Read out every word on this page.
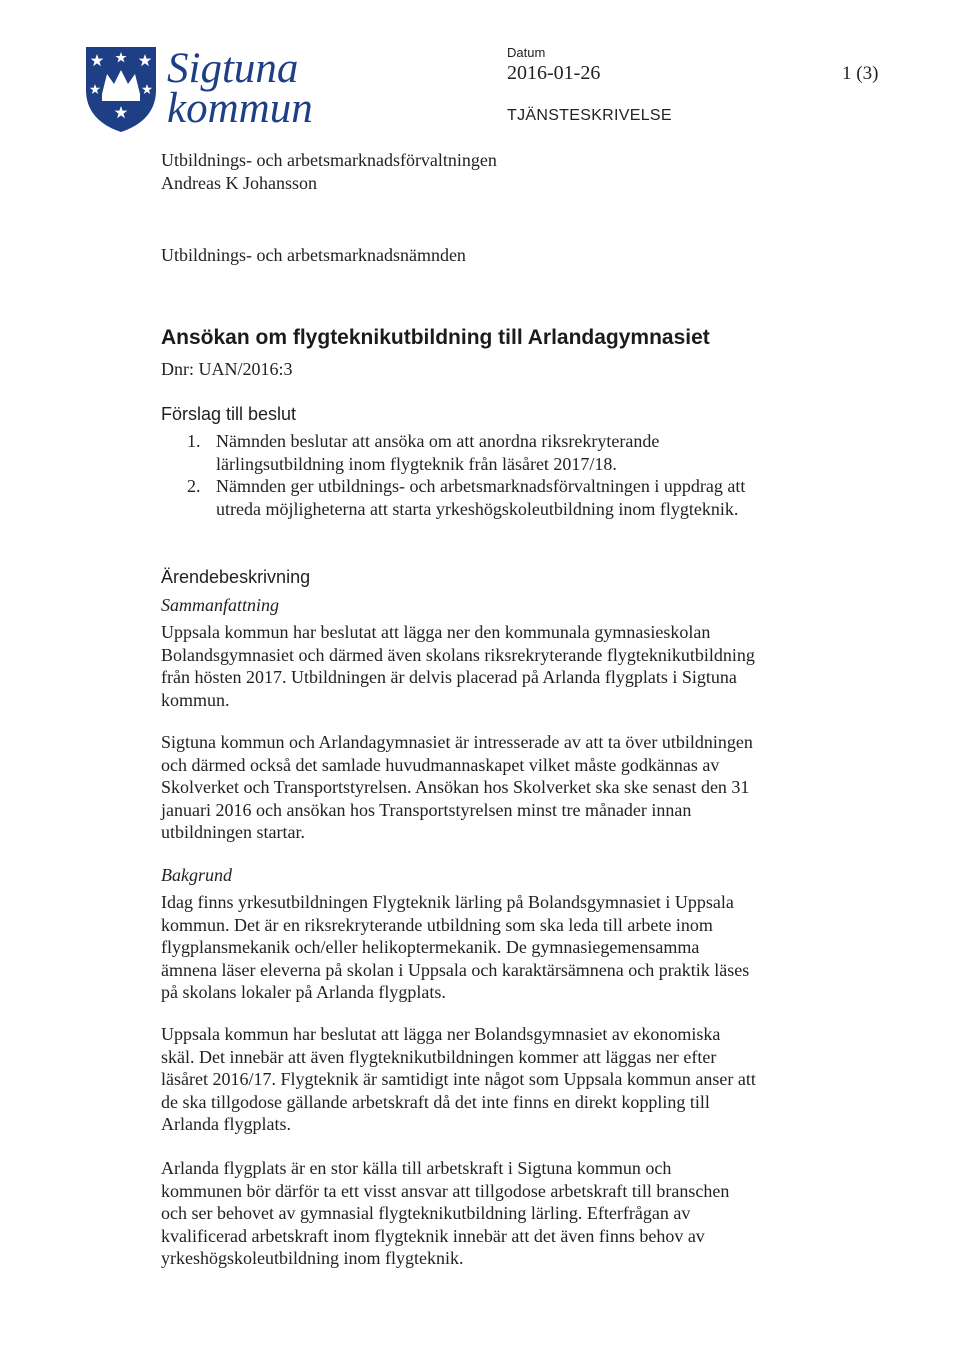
Sigtuna
kommun
Datum
2016-01-26
TJÄNSTESKRIVELSE
1 (3)
Utbildnings- och arbetsmarknadsförvaltningen
Andreas K Johansson
Utbildnings- och arbetsmarknadsnämnden
Ansökan om flygteknikutbildning till Arlandagymnasiet
Dnr: UAN/2016:3
Förslag till beslut
1. Nämnden beslutar att ansöka om att anordna riksrekryterande
lärlingsutbildning inom flygteknik från läsåret 2017/18.
2. Nämnden ger utbildnings- och arbetsmarknadsförvaltningen i uppdrag att
utreda möjligheterna att starta yrkeshögskoleutbildning inom flygteknik.
Ärendebeskrivning
Sammanfattning
Uppsala kommun har beslutat att lägga ner den kommunala gymnasieskolan
Bolandsgymnasiet och därmed även skolans riksrekryterande flygteknikutbildning
från hösten 2017. Utbildningen är delvis placerad på Arlanda flygplats i Sigtuna
kommun.
Sigtuna kommun och Arlandagymnasiet är intresserade av att ta över utbildningen
och därmed också det samlade huvudmannaskapet vilket måste godkännas av
Skolverket och Transportstyrelsen. Ansökan hos Skolverket ska ske senast den 31
januari 2016 och ansökan hos Transportstyrelsen minst tre månader innan
utbildningen startar.
Bakgrund
Idag finns yrkesutbildningen Flygteknik lärling på Bolandsgymnasiet i Uppsala
kommun. Det är en riksrekryterande utbildning som ska leda till arbete inom
flygplansmekanik och/eller helikoptermekanik. De gymnasiegemensamma
ämnena läser eleverna på skolan i Uppsala och karaktärsämnena och praktik läses
på skolans lokaler på Arlanda flygplats.
Uppsala kommun har beslutat att lägga ner Bolandsgymnasiet av ekonomiska
skäl. Det innebär att även flygteknikutbildningen kommer att läggas ner efter
läsåret 2016/17. Flygteknik är samtidigt inte något som Uppsala kommun anser att
de ska tillgodose gällande arbetskraft då det inte finns en direkt koppling till
Arlanda flygplats.
Arlanda flygplats är en stor källa till arbetskraft i Sigtuna kommun och
kommunen bör därför ta ett visst ansvar att tillgodose arbetskraft till branschen
och ser behovet av gymnasial flygteknikutbildning lärling. Efterfrågan av
kvalificerad arbetskraft inom flygteknik innebär att det även finns behov av
yrkeshögskoleutbildning inom flygteknik.
